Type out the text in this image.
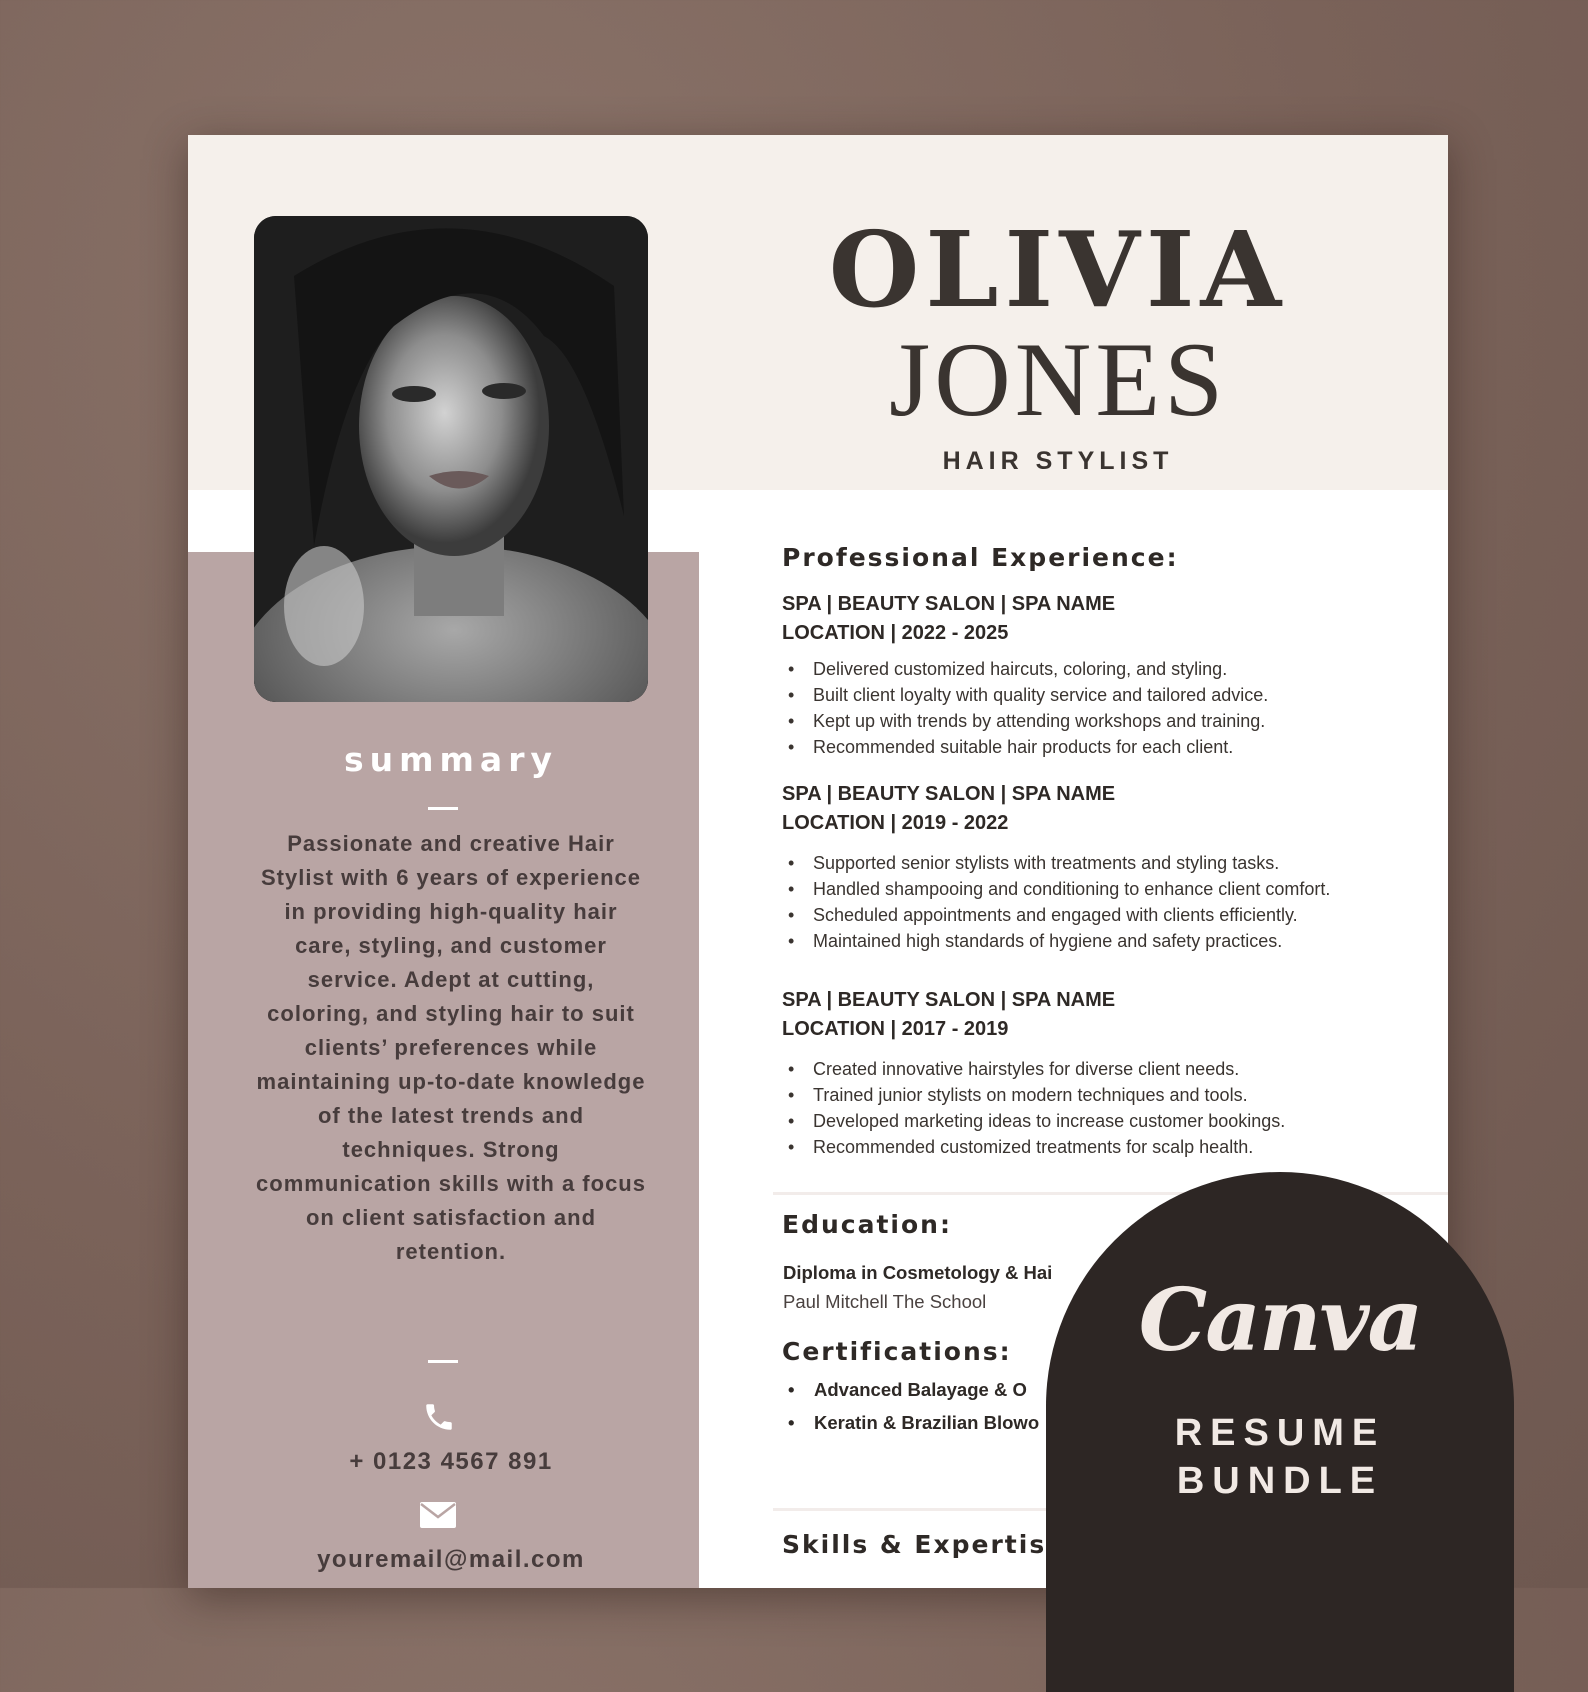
OLIVIA
JONES
HAIR STYLIST
summary
Passionate and creative Hair Stylist with 6 years of experience in providing high-quality hair care, styling, and customer service. Adept at cutting, coloring, and styling hair to suit clients’ preferences while maintaining up-to-date knowledge of the latest trends and techniques. Strong communication skills with a focus on client satisfaction and retention.
+ 0123 4567 891
youremail@mail.com
Professional Experience:
SPA | BEAUTY SALON | SPA NAME
LOCATION | 2022 - 2025
• Delivered customized haircuts, coloring, and styling.
• Built client loyalty with quality service and tailored advice.
• Kept up with trends by attending workshops and training.
• Recommended suitable hair products for each client.
SPA | BEAUTY SALON | SPA NAME
LOCATION | 2019 - 2022
• Supported senior stylists with treatments and styling tasks.
• Handled shampooing and conditioning to enhance client comfort.
• Scheduled appointments and engaged with clients efficiently.
• Maintained high standards of hygiene and safety practices.
SPA | BEAUTY SALON | SPA NAME
LOCATION | 2017 - 2019
• Created innovative hairstyles for diverse client needs.
• Trained junior stylists on modern techniques and tools.
• Developed marketing ideas to increase customer bookings.
• Recommended customized treatments for scalp health.
Education:
Diploma in Cosmetology & Hai
Paul Mitchell The School
Certifications:
• Advanced Balayage & O
• Keratin & Brazilian Blowo
Skills & Expertis
Canva
RESUME
BUNDLE
